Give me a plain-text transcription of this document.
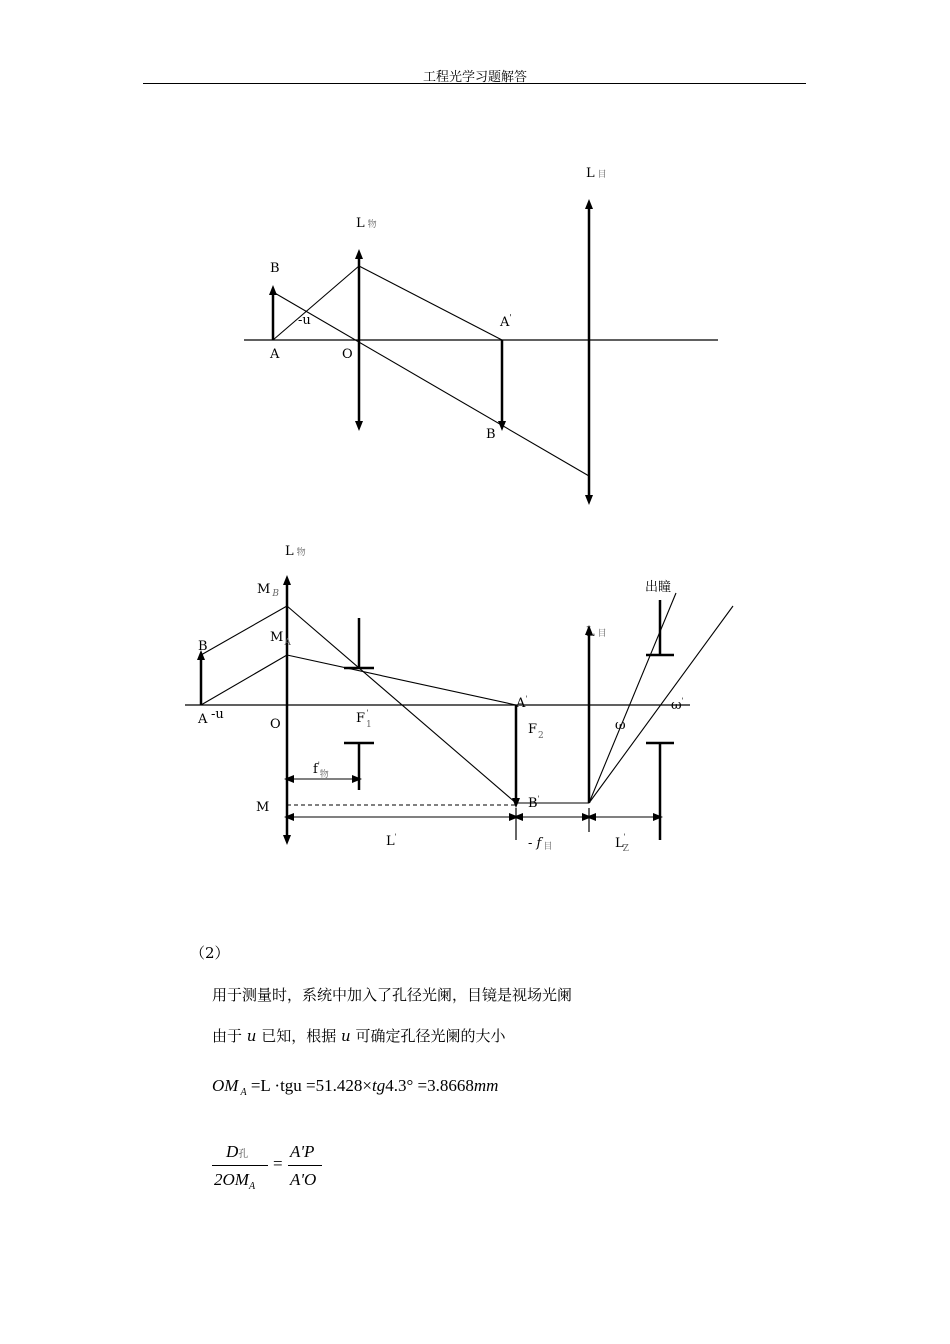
工程光学习题解答
L 目
L 物
B
-u
A	O
A'
B
L 物
M $_B$	出瞳
$M_A$
L 目
B
A -u
O	$F_1'$
A'
$F_2$
ω
ω'
$f'_物$
M	B'
L'	- f 目	L' Z
（2）
用于测量时，系统中加入了孔径光阑，目镜是视场光阑
由于 u 已知，根据 u 可确定孔径光阑的大小
OM $_A$ =L ·tgu =51.428×tg4.3° =3.8668mm
D孔
$2OM_A$
=
A'P
A'O
